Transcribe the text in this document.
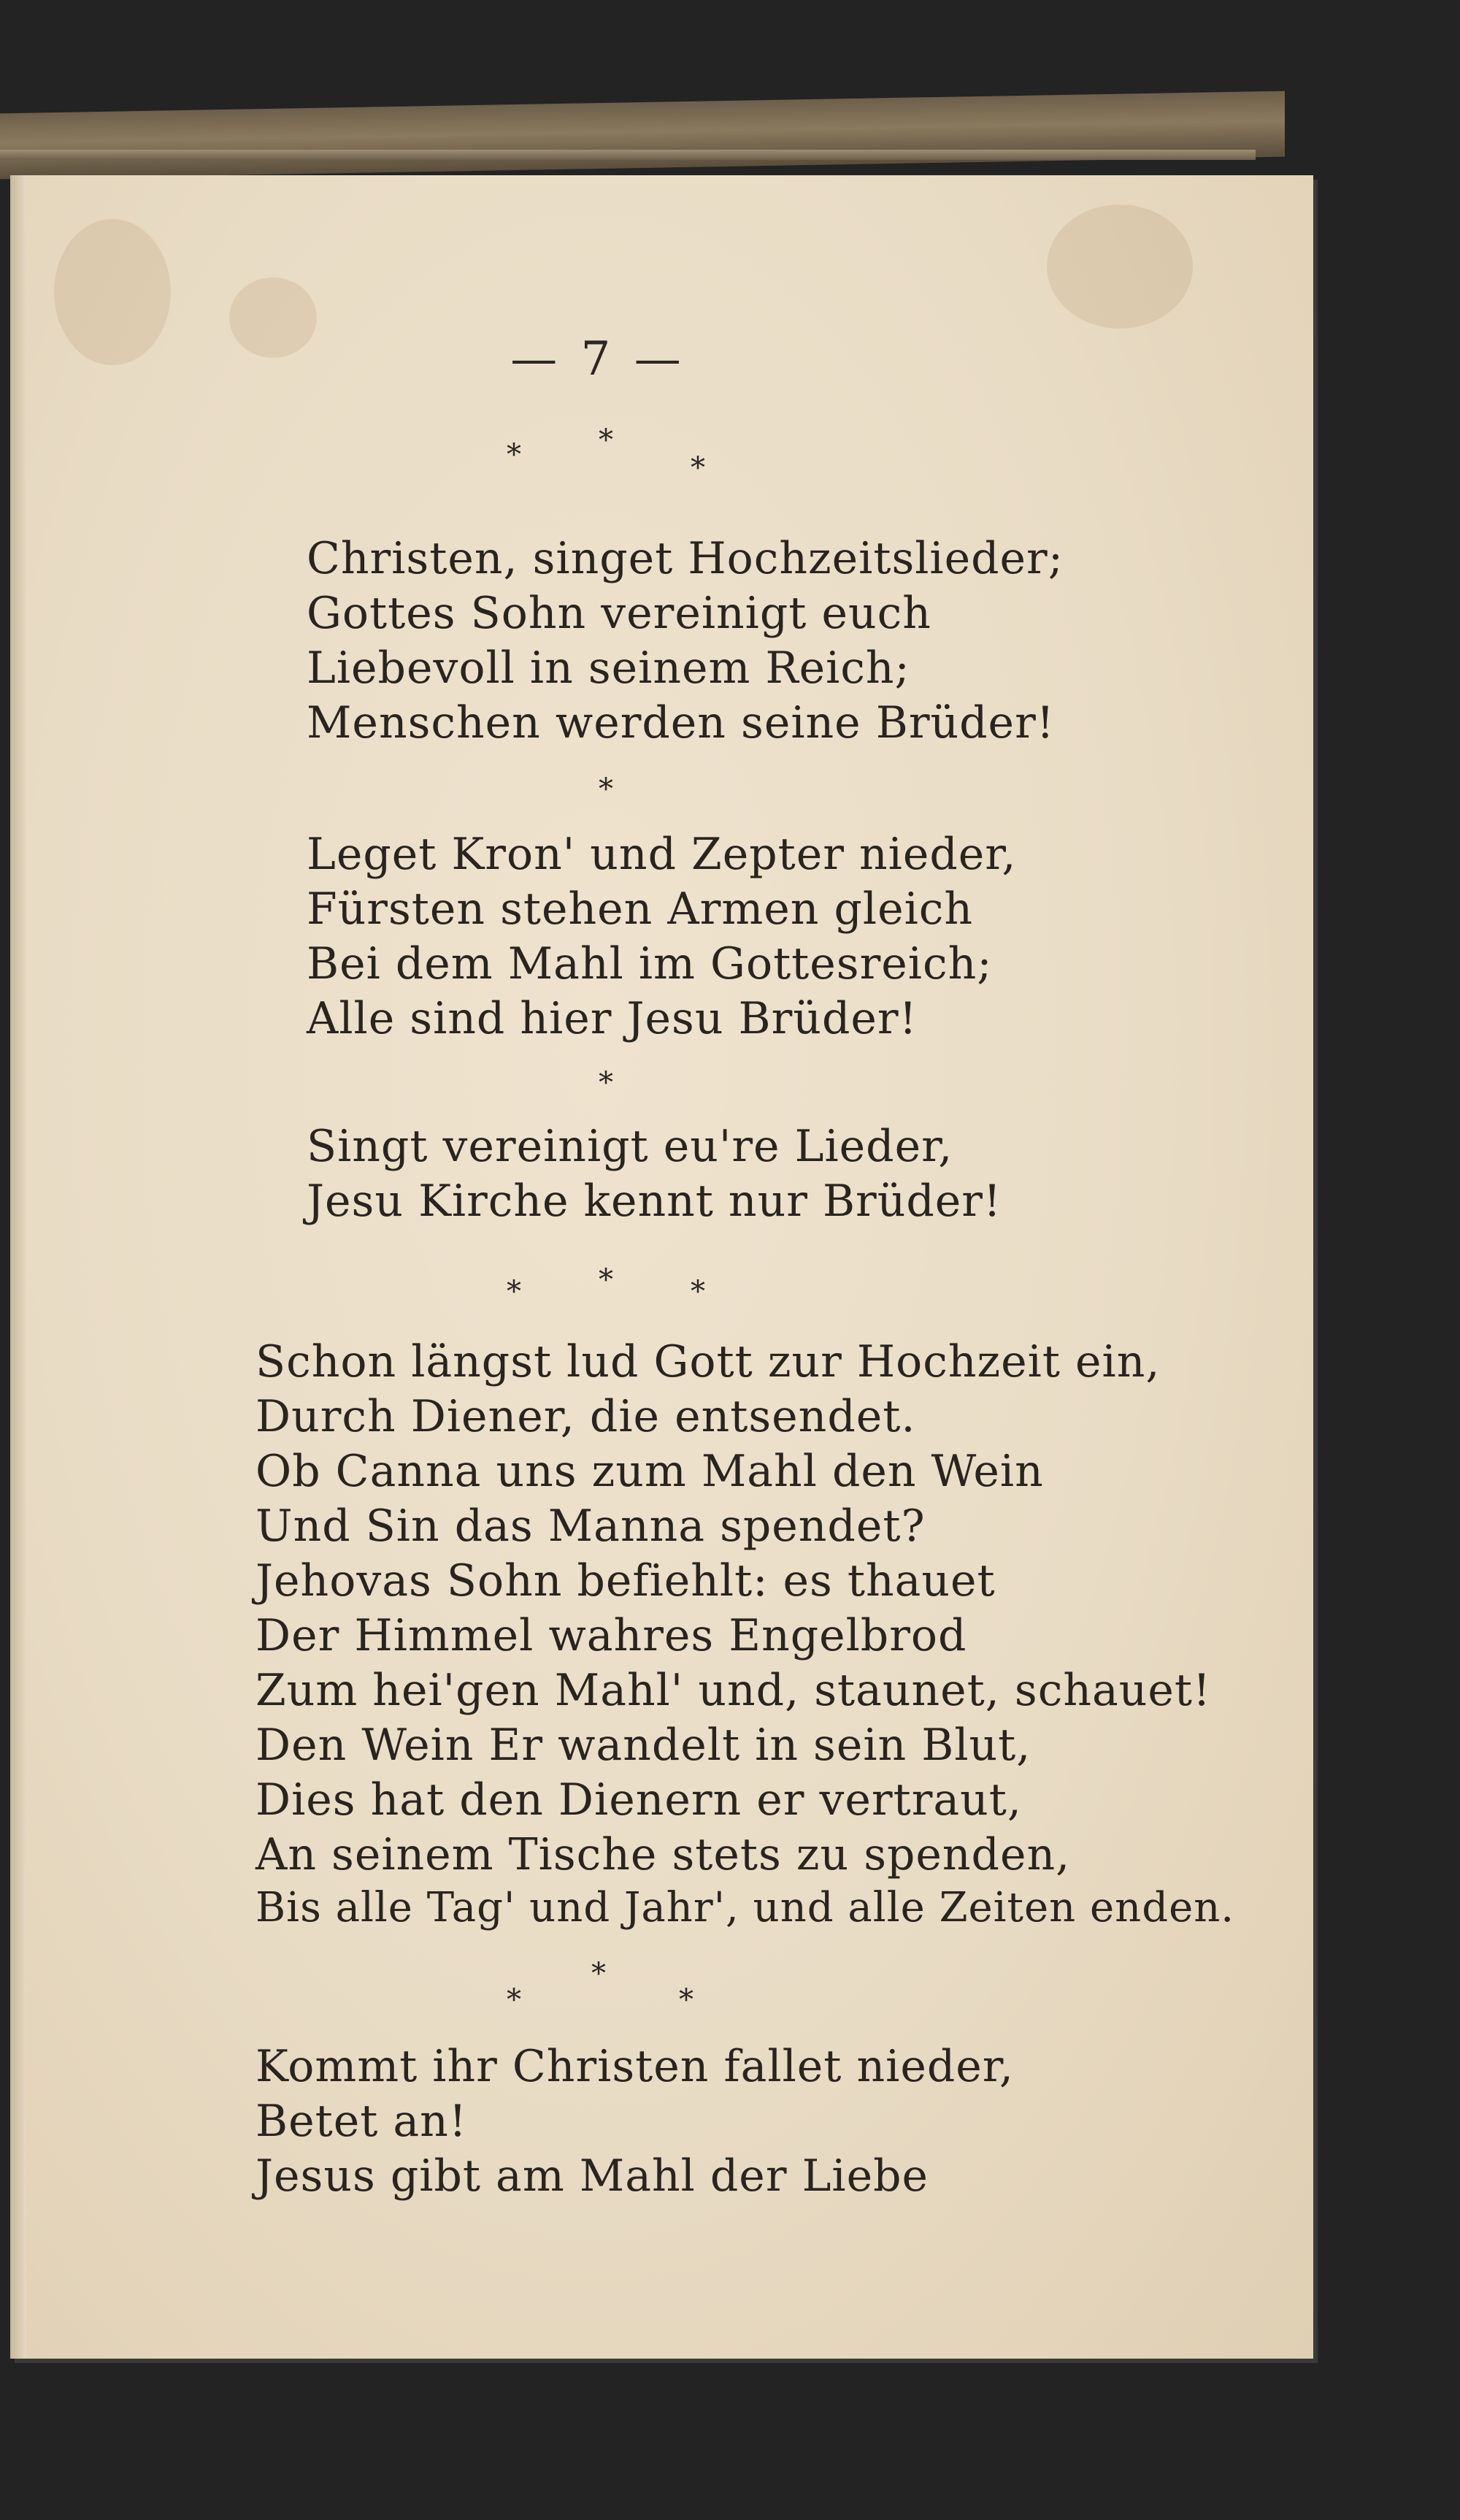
— 7 —
*	*
*
Christen, singet Hochzeitslieder;
Gottes Sohn vereinigt euch
Liebevoll in seinem Reich;
Menschen werden seine Brüder!
*
Leget Kron' und Zepter nieder,
Fürsten stehen Armen gleich
Bei dem Mahl im Gottesreich;
Alle sind hier Jesu Brüder!
*
Singt vereinigt eu're Lieder,
Jesu Kirche kennt nur Brüder!
*	*	*
Schon längst lud Gott zur Hochzeit ein,
Durch Diener, die entsendet.
Ob Canna uns zum Mahl den Wein
Und Sin das Manna spendet?
Jehovas Sohn befiehlt: es thauet
Der Himmel wahres Engelbrod
Zum hei'gen Mahl' und, staunet, schauet!
Den Wein Er wandelt in sein Blut,
Dies hat den Dienern er vertraut,
An seinem Tische stets zu spenden,
Bis alle Tag' und Jahr', und alle Zeiten enden.
*
*
*
Kommt ihr Christen fallet nieder,
Betet an!
Jesus gibt am Mahl der Liebe
